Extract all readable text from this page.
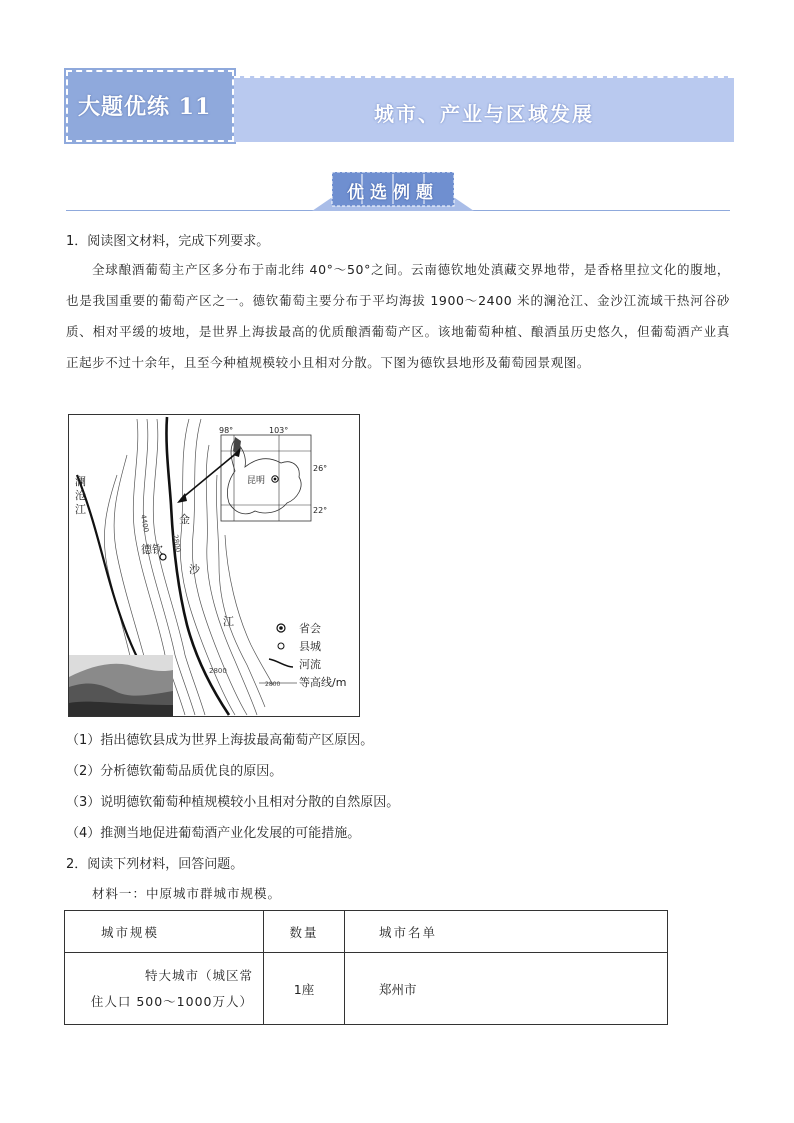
大题优练 11	城市、产业与区域发展
优选例题
1．阅读图文材料，完成下列要求。
全球酿酒葡萄主产区多分布于南北纬 40°～50°之间。云南德钦地处滇藏交界地带，是香格里拉文化的腹地，也是我国重要的葡萄产区之一。德钦葡萄主要分布于平均海拔 1900～2400 米的澜沧江、金沙江流域干热河谷砂质、相对平缓的坡地，是世界上海拔最高的优质酿酒葡萄产区。该地葡萄种植、酿酒虽历史悠久，但葡萄酒产业真正起步不过十余年，且至今种植规模较小且相对分散。下图为德钦县地形及葡萄园景观图。
澜
沧
江
金
沙
江
4400
2800
2800
德钦
昆明
98°	103°
26°
22°
省会
县城
河流
2800 等高线/m
（1）指出德钦县成为世界上海拔最高葡萄产区原因。
（2）分析德钦葡萄品质优良的原因。
（3）说明德钦葡萄种植规模较小且相对分散的自然原因。
（4）推测当地促进葡萄酒产业化发展的可能措施。
2．阅读下列材料，回答问题。
材料一：中原城市群城市规模。
城市规模	数量	城市名单

特大城市（城区常
住人口 500～1000万人）	1座	郑州市
